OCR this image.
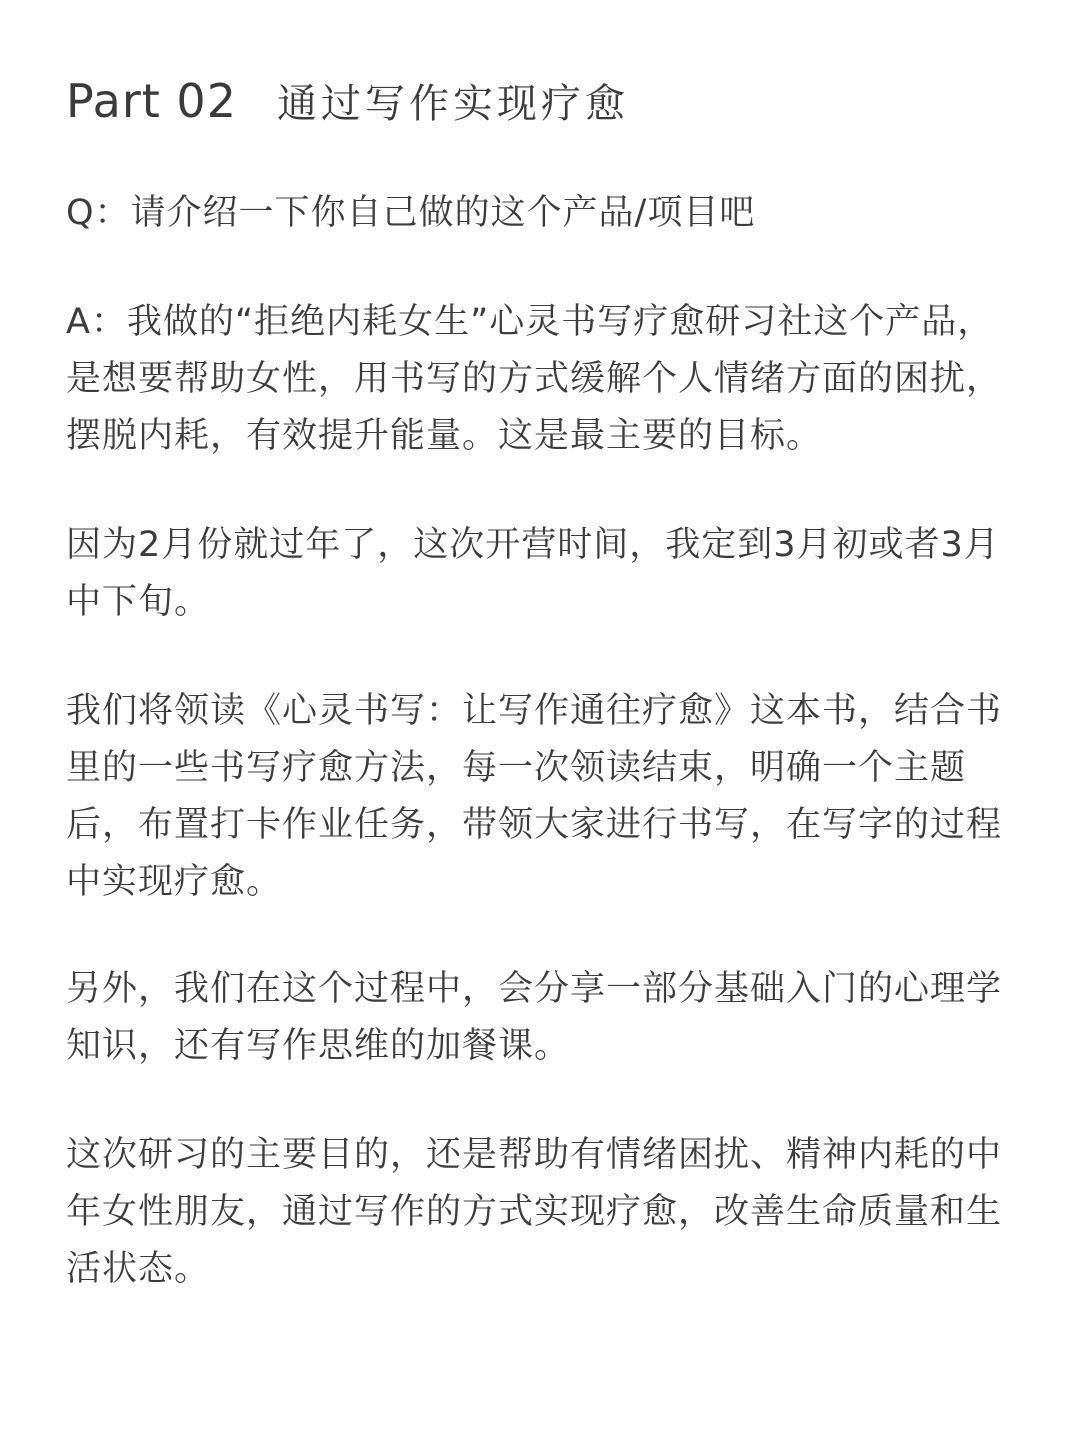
Part 02 通过写作实现疗愈

Q：请介绍一下你自己做的这个产品/项目吧

A：我做的“拒绝内耗女生”心灵书写疗愈研习社这个产品，是想要帮助女性，用书写的方式缓解个人情绪方面的困扰，摆脱内耗，有效提升能量。这是最主要的目标。

因为2月份就过年了，这次开营时间，我定到3月初或者3月中下旬。

我们将领读《心灵书写：让写作通往疗愈》这本书，结合书里的一些书写疗愈方法，每一次领读结束，明确一个主题后，布置打卡作业任务，带领大家进行书写，在写字的过程中实现疗愈。

另外，我们在这个过程中，会分享一部分基础入门的心理学知识，还有写作思维的加餐课。

这次研习的主要目的，还是帮助有情绪困扰、精神内耗的中年女性朋友，通过写作的方式实现疗愈，改善生命质量和生活状态。
